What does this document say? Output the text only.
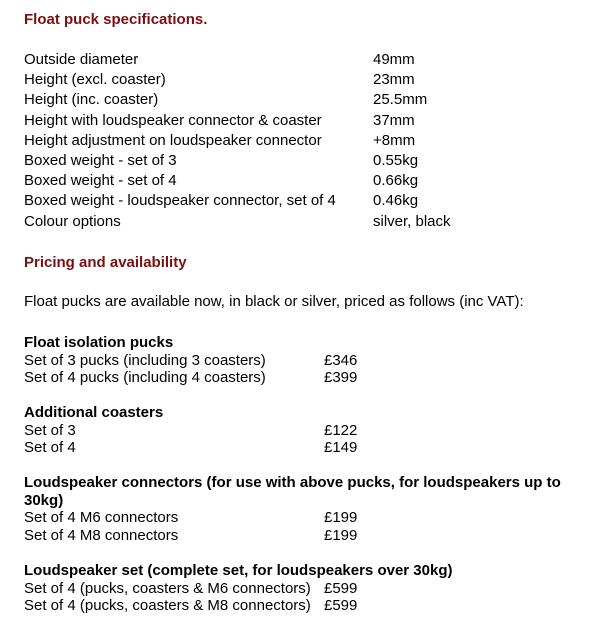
Float puck specifications.
Outside diameter	49mm
Height (excl. coaster)	23mm
Height (inc. coaster)	25.5mm
Height with loudspeaker connector & coaster	37mm
Height adjustment on loudspeaker connector	+8mm
Boxed weight - set of 3	0.55kg
Boxed weight - set of 4	0.66kg
Boxed weight - loudspeaker connector, set of 4	0.46kg
Colour options	silver, black
Pricing and availability

Float pucks are available now, in black or silver, priced as follows (inc VAT):

Float isolation pucks

Set of 3 pucks (including 3 coasters)	£346
Set of 4 pucks (including 4 coasters)	£399

Additional coasters

Set of 3	£122
Set of 4	£149

Loudspeaker connectors (for use with above pucks, for loudspeakers up to 30kg)

Set of 4 M6 connectors	£199
Set of 4 M8 connectors	£199

Loudspeaker set (complete set, for loudspeakers over 30kg)

Set of 4 (pucks, coasters & M6 connectors)	£599
Set of 4 (pucks, coasters & M8 connectors)	£599
